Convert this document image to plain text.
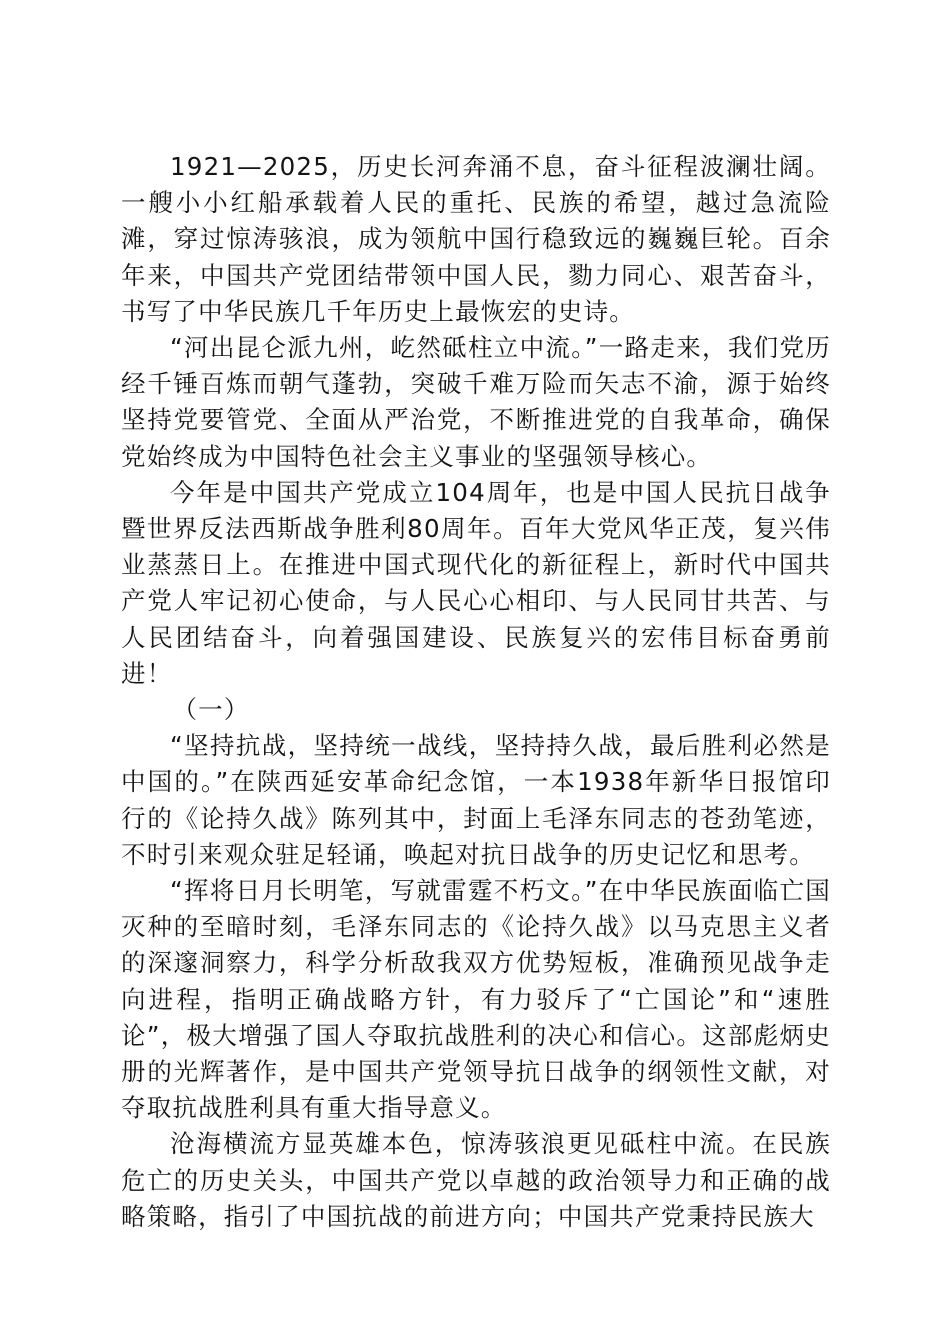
1921—2025，历史长河奔涌不息，奋斗征程波澜壮阔。一艘小小红船承载着人民的重托、民族的希望，越过急流险滩，穿过惊涛骇浪，成为领航中国行稳致远的巍巍巨轮。百余年来，中国共产党团结带领中国人民，勠力同心、艰苦奋斗，书写了中华民族几千年历史上最恢宏的史诗。

“河出昆仑派九州，屹然砥柱立中流。”一路走来，我们党历经千锤百炼而朝气蓬勃，突破千难万险而矢志不渝，源于始终坚持党要管党、全面从严治党，不断推进党的自我革命，确保党始终成为中国特色社会主义事业的坚强领导核心。

今年是中国共产党成立104周年，也是中国人民抗日战争暨世界反法西斯战争胜利80周年。百年大党风华正茂，复兴伟业蒸蒸日上。在推进中国式现代化的新征程上，新时代中国共产党人牢记初心使命，与人民心心相印、与人民同甘共苦、与人民团结奋斗，向着强国建设、民族复兴的宏伟目标奋勇前进！

（一）

“坚持抗战，坚持统一战线，坚持持久战，最后胜利必然是中国的。”在陕西延安革命纪念馆，一本1938年新华日报馆印行的《论持久战》陈列其中，封面上毛泽东同志的苍劲笔迹，不时引来观众驻足轻诵，唤起对抗日战争的历史记忆和思考。

“挥将日月长明笔，写就雷霆不朽文。”在中华民族面临亡国灭种的至暗时刻，毛泽东同志的《论持久战》以马克思主义者的深邃洞察力，科学分析敌我双方优势短板，准确预见战争走向进程，指明正确战略方针，有力驳斥了“亡国论”和“速胜论”，极大增强了国人夺取抗战胜利的决心和信心。这部彪炳史册的光辉著作，是中国共产党领导抗日战争的纲领性文献，对夺取抗战胜利具有重大指导意义。

沧海横流方显英雄本色，惊涛骇浪更见砥柱中流。在民族危亡的历史关头，中国共产党以卓越的政治领导力和正确的战略策略，指引了中国抗战的前进方向；中国共产党秉持民族大
